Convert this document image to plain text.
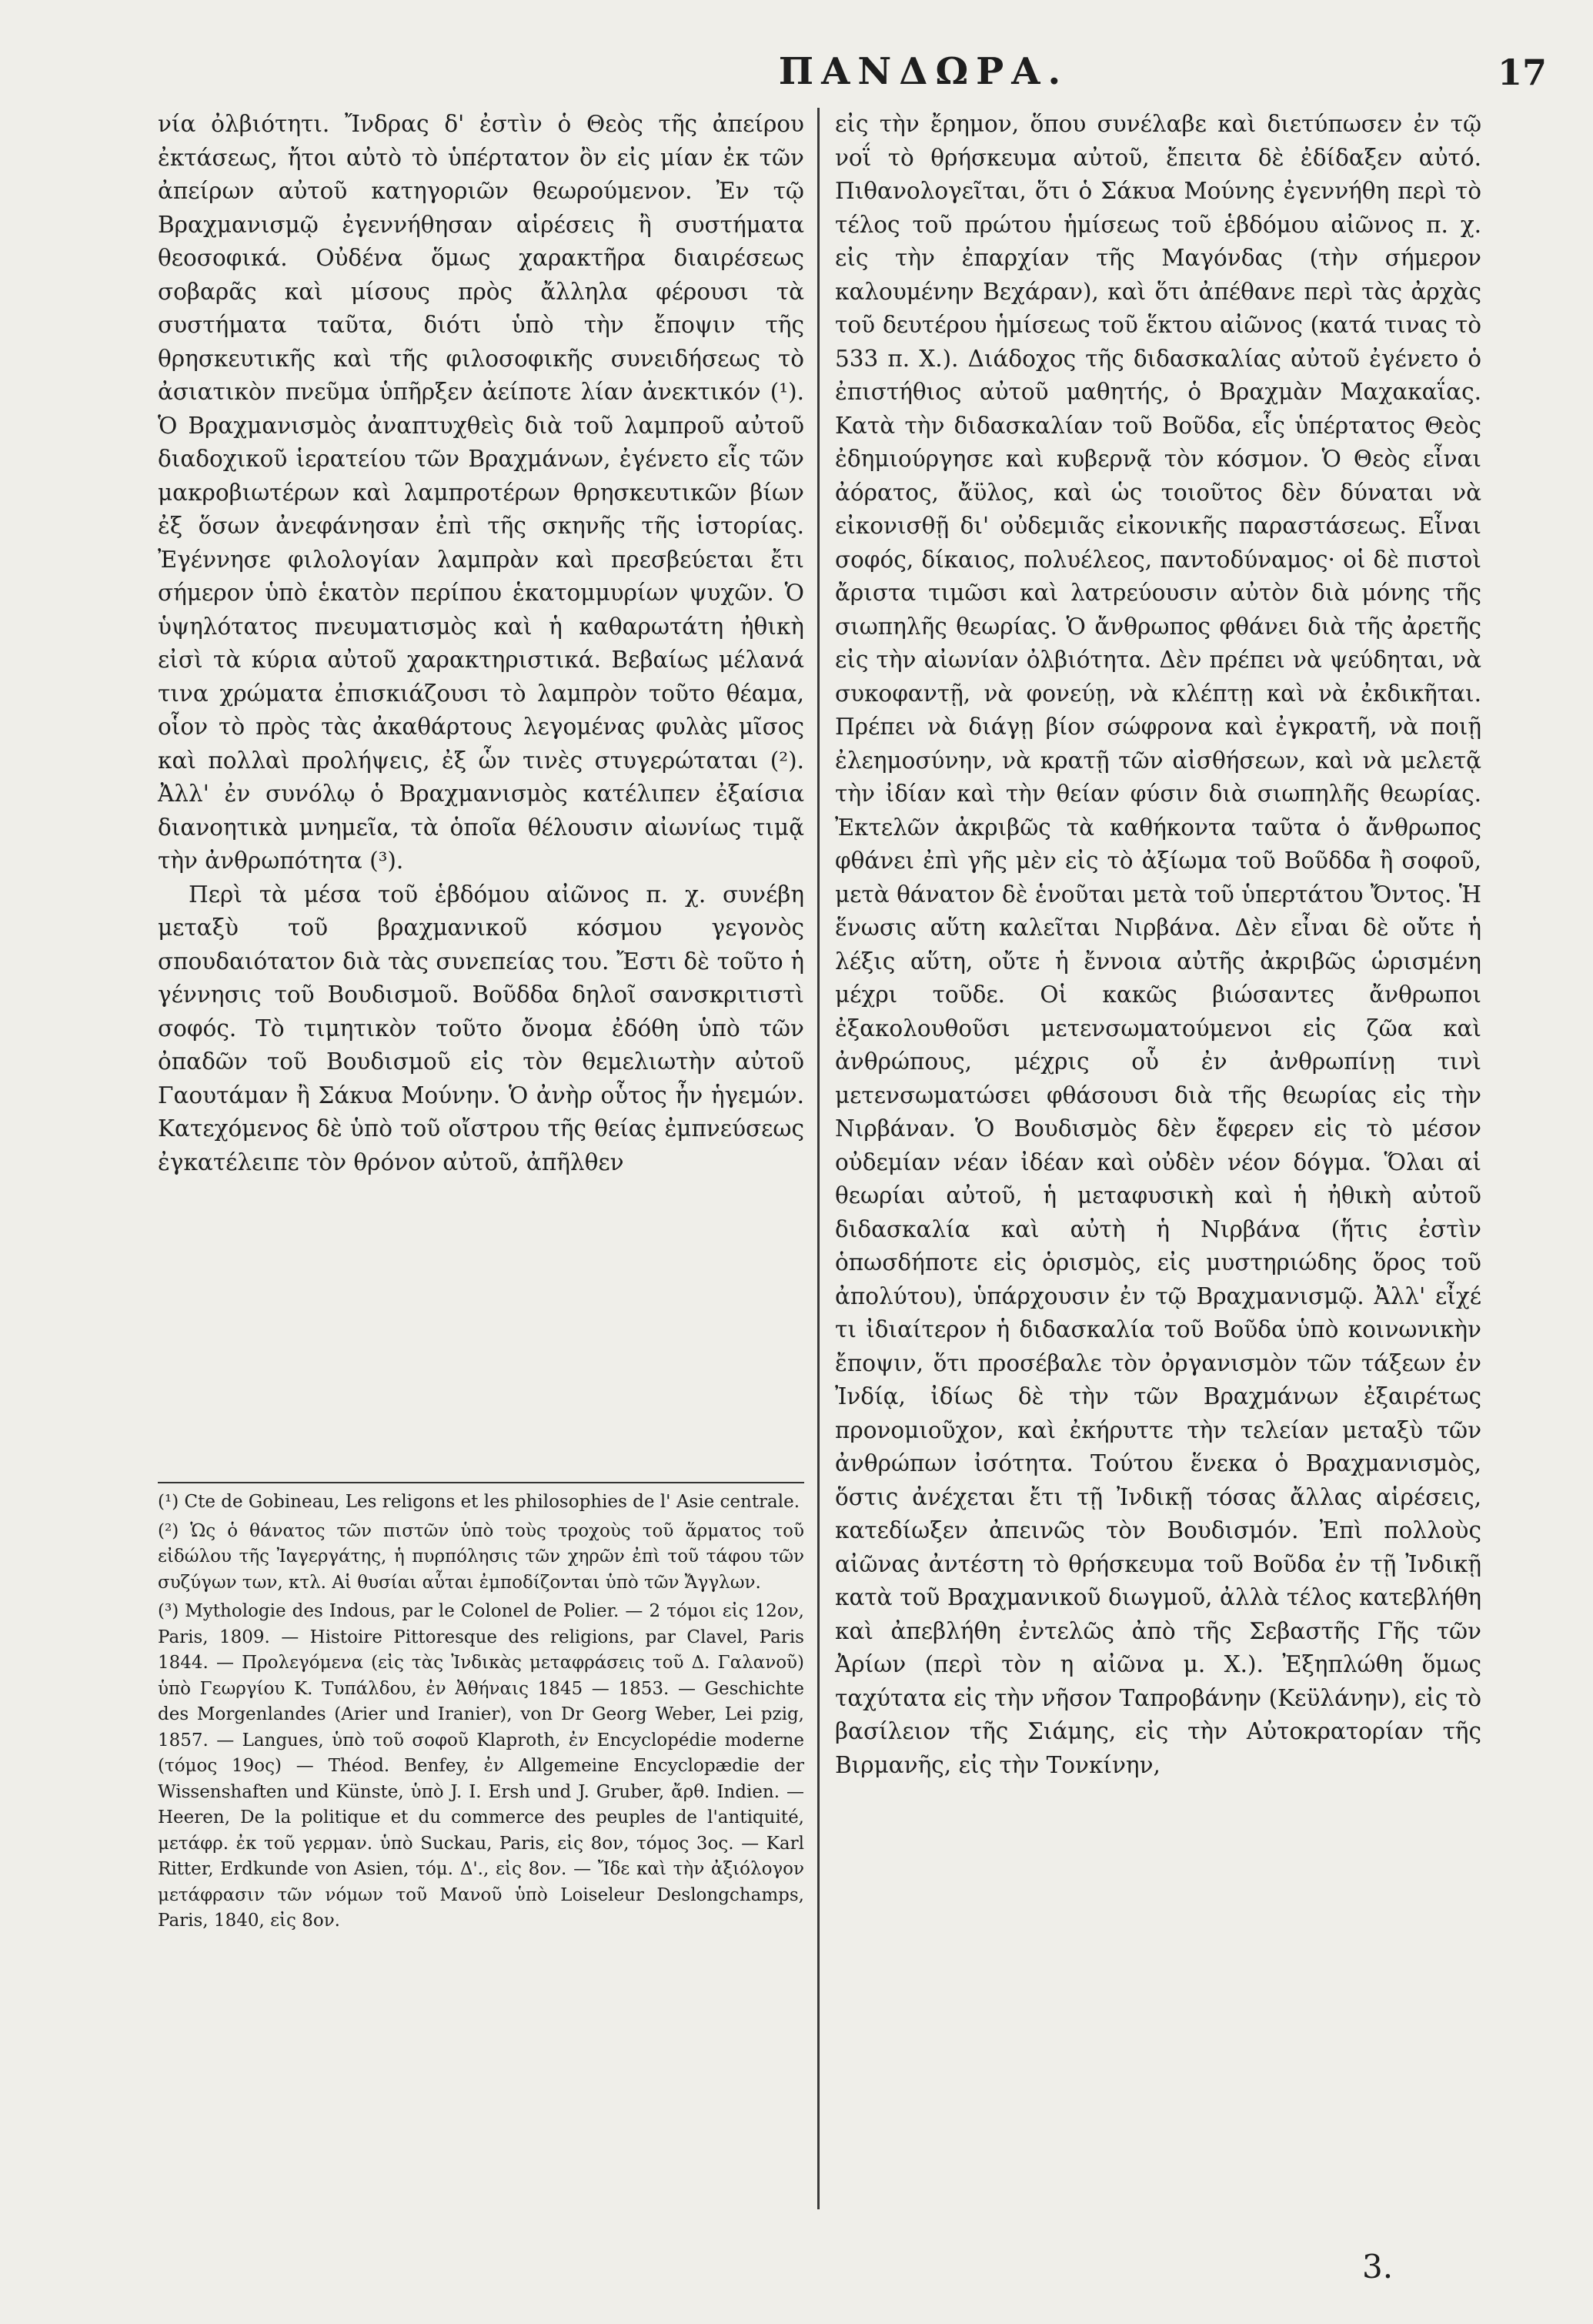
ΠΑΝΔΩΡΑ.	17

νία ὀλβιότητι. Ἴνδρας δ' ἐστὶν ὁ Θεὸς τῆς ἀπείρου ἐκτάσεως, ἤτοι αὐτὸ τὸ ὑπέρτατον ὂν εἰς μίαν ἐκ τῶν ἀπείρων αὐτοῦ κατηγοριῶν θεωρούμενον. Ἐν τῷ Βραχμανισμῷ ἐγεννήθησαν αἱρέσεις ἢ συστήματα θεοσοφικά. Οὐδένα ὅμως χαρακτῆρα διαιρέσεως σοβαρᾶς καὶ μίσους πρὸς ἄλληλα φέρουσι τὰ συστήματα ταῦτα, διότι ὑπὸ τὴν ἔποψιν τῆς θρησκευτικῆς καὶ τῆς φιλοσοφικῆς συνειδήσεως τὸ ἀσιατικὸν πνεῦμα ὑπῆρξεν ἀείποτε λίαν ἀνεκτικόν (¹). Ὁ Βραχμανισμὸς ἀναπτυχθεὶς διὰ τοῦ λαμπροῦ αὐτοῦ διαδοχικοῦ ἱερατείου τῶν Βραχμάνων, ἐγένετο εἷς τῶν μακροβιωτέρων καὶ λαμπροτέρων θρησκευτικῶν βίων ἐξ ὅσων ἀνεφάνησαν ἐπὶ τῆς σκηνῆς τῆς ἱστορίας. Ἐγέννησε φιλολογίαν λαμπρὰν καὶ πρεσβεύεται ἔτι σήμερον ὑπὸ ἑκατὸν περίπου ἑκατομμυρίων ψυχῶν. Ὁ ὑψηλότατος πνευματισμὸς καὶ ἡ καθαρωτάτη ἠθικὴ εἰσὶ τὰ κύρια αὐτοῦ χαρακτηριστικά. Βεβαίως μέλανά τινα χρώματα ἐπισκιάζουσι τὸ λαμπρὸν τοῦτο θέαμα, οἷον τὸ πρὸς τὰς ἀκαθάρτους λεγομένας φυλὰς μῖσος καὶ πολλαὶ προλήψεις, ἐξ ὧν τινὲς στυγερώταται (²). Ἀλλ' ἐν συνόλῳ ὁ Βραχμανισμὸς κατέλιπεν ἐξαίσια διανοητικὰ μνημεῖα, τὰ ὁποῖα θέλουσιν αἰωνίως τιμᾷ τὴν ἀνθρωπότητα (³).

Περὶ τὰ μέσα τοῦ ἑβδόμου αἰῶνος π. χ. συνέβη μεταξὺ τοῦ βραχμανικοῦ κόσμου γεγονὸς σπουδαιότατον διὰ τὰς συνεπείας του. Ἔστι δὲ τοῦτο ἡ γέννησις τοῦ Βουδισμοῦ. Βοῦδδα δηλοῖ σανσκριτιστὶ σοφός. Τὸ τιμητικὸν τοῦτο ὄνομα ἐδόθη ὑπὸ τῶν ὀπαδῶν τοῦ Βουδισμοῦ εἰς τὸν θεμελιωτὴν αὐτοῦ Γαουτάμαν ἢ Σάκυα Μούνην. Ὁ ἀνὴρ οὗτος ἦν ἡγεμών. Κατεχόμενος δὲ ὑπὸ τοῦ οἴστρου τῆς θείας ἐμπνεύσεως ἐγκατέλειπε τὸν θρόνον αὐτοῦ, ἀπῆλθεν

(¹) Cte de Gobineau, Les religons et les philosophies de l' Asie centrale.

(²) Ὡς ὁ θάνατος τῶν πιστῶν ὑπὸ τοὺς τροχοὺς τοῦ ἅρματος τοῦ εἰδώλου τῆς Ἰαγεργάτης, ἡ πυρπόλησις τῶν χηρῶν ἐπὶ τοῦ τάφου τῶν συζύγων των, κτλ. Αἱ θυσίαι αὗται ἐμποδίζονται ὑπὸ τῶν Ἄγγλων.

(³) Mythologie des Indous, par le Colonel de Polier. — 2 τόμοι εἰς 12ον, Paris, 1809. — Histoire Pittoresque des religions, par Clavel, Paris 1844. — Προλεγόμενα (εἰς τὰς Ἰνδικὰς μεταφράσεις τοῦ Δ. Γαλανοῦ) ὑπὸ Γεωργίου Κ. Τυπάλδου, ἐν Ἀθήναις 1845 — 1853. — Geschichte des Morgenlandes (Arier und Iranier), von Dr Georg Weber, Lei pzig, 1857. — Langues, ὑπὸ τοῦ σοφοῦ Klaproth, ἐν Encyclopédie moderne (τόμος 19ος) — Théod. Benfey, ἐν Allgemeine Encyclopædie der Wissenshaften und Künste, ὑπὸ J. I. Ersh und J. Gruber, ἄρθ. Indien. — Heeren, De la politique et du commerce des peuples de l'antiquité, μετάφρ. ἐκ τοῦ γερμαν. ὑπὸ Suckau, Paris, εἰς 8ον, τόμος 3ος. — Karl Ritter, Erdkunde von Asien, τόμ. Δ'., εἰς 8ον. — Ἴδε καὶ τὴν ἀξιόλογον μετάφρασιν τῶν νόμων τοῦ Μανοῦ ὑπὸ Loiseleur Deslongchamps, Paris, 1840, εἰς 8ον.

εἰς τὴν ἔρημον, ὅπου συνέλαβε καὶ διετύπωσεν ἐν τῷ νοΐ τὸ θρήσκευμα αὐτοῦ, ἔπειτα δὲ ἐδίδαξεν αὐτό. Πιθανολογεῖται, ὅτι ὁ Σάκυα Μούνης ἐγεννήθη περὶ τὸ τέλος τοῦ πρώτου ἡμίσεως τοῦ ἑβδόμου αἰῶνος π. χ. εἰς τὴν ἐπαρχίαν τῆς Μαγόνδας (τὴν σήμερον καλουμένην Βεχάραν), καὶ ὅτι ἀπέθανε περὶ τὰς ἀρχὰς τοῦ δευτέρου ἡμίσεως τοῦ ἕκτου αἰῶνος (κατά τινας τὸ 533 π. Χ.). Διάδοχος τῆς διδασκαλίας αὐτοῦ ἐγένετο ὁ ἐπιστήθιος αὐτοῦ μαθητής, ὁ Βραχμὰν Μαχακαΐας. Κατὰ τὴν διδασκαλίαν τοῦ Βοῦδα, εἷς ὑπέρτατος Θεὸς ἐδημιούργησε καὶ κυβερνᾷ τὸν κόσμον. Ὁ Θεὸς εἶναι ἀόρατος, ἄϋλος, καὶ ὡς τοιοῦτος δὲν δύναται νὰ εἰκονισθῇ δι' οὐδεμιᾶς εἰκονικῆς παραστάσεως. Εἶναι σοφός, δίκαιος, πολυέλεος, παντοδύναμος· οἱ δὲ πιστοὶ ἄριστα τιμῶσι καὶ λατρεύουσιν αὐτὸν διὰ μόνης τῆς σιωπηλῆς θεωρίας. Ὁ ἄνθρωπος φθάνει διὰ τῆς ἀρετῆς εἰς τὴν αἰωνίαν ὀλβιότητα. Δὲν πρέπει νὰ ψεύδηται, νὰ συκοφαντῇ, νὰ φονεύῃ, νὰ κλέπτῃ καὶ νὰ ἐκδικῆται. Πρέπει νὰ διάγῃ βίον σώφρονα καὶ ἐγκρατῆ, νὰ ποιῇ ἐλεημοσύνην, νὰ κρατῇ τῶν αἰσθήσεων, καὶ νὰ μελετᾷ τὴν ἰδίαν καὶ τὴν θείαν φύσιν διὰ σιωπηλῆς θεωρίας. Ἐκτελῶν ἀκριβῶς τὰ καθήκοντα ταῦτα ὁ ἄνθρωπος φθάνει ἐπὶ γῆς μὲν εἰς τὸ ἀξίωμα τοῦ Βοῦδδα ἢ σοφοῦ, μετὰ θάνατον δὲ ἑνοῦται μετὰ τοῦ ὑπερτάτου Ὄντος. Ἡ ἕνωσις αὕτη καλεῖται Νιρβάνα. Δὲν εἶναι δὲ οὔτε ἡ λέξις αὕτη, οὔτε ἡ ἔννοια αὐτῆς ἀκριβῶς ὡρισμένη μέχρι τοῦδε. Οἱ κακῶς βιώσαντες ἄνθρωποι ἐξακολουθοῦσι μετενσωματούμενοι εἰς ζῶα καὶ ἀνθρώπους, μέχρις οὗ ἐν ἀνθρωπίνῃ τινὶ μετενσωματώσει φθάσουσι διὰ τῆς θεωρίας εἰς τὴν Νιρβάναν. Ὁ Βουδισμὸς δὲν ἔφερεν εἰς τὸ μέσον οὐδεμίαν νέαν ἰδέαν καὶ οὐδὲν νέον δόγμα. Ὅλαι αἱ θεωρίαι αὐτοῦ, ἡ μεταφυσικὴ καὶ ἡ ἠθικὴ αὐτοῦ διδασκαλία καὶ αὐτὴ ἡ Νιρβάνα (ἥτις ἐστὶν ὁπωσδήποτε εἰς ὁρισμὸς, εἰς μυστηριώδης ὅρος τοῦ ἀπολύτου), ὑπάρχουσιν ἐν τῷ Βραχμανισμῷ. Ἀλλ' εἶχέ τι ἰδιαίτερον ἡ διδασκαλία τοῦ Βοῦδα ὑπὸ κοινωνικὴν ἔποψιν, ὅτι προσέβαλε τὸν ὀργανισμὸν τῶν τάξεων ἐν Ἰνδίᾳ, ἰδίως δὲ τὴν τῶν Βραχμάνων ἐξαιρέτως προνομιοῦχον, καὶ ἐκήρυττε τὴν τελείαν μεταξὺ τῶν ἀνθρώπων ἰσότητα. Τούτου ἕνεκα ὁ Βραχμανισμὸς, ὅστις ἀνέχεται ἔτι τῇ Ἰνδικῇ τόσας ἄλλας αἱρέσεις, κατεδίωξεν ἀπεινῶς τὸν Βουδισμόν. Ἐπὶ πολλοὺς αἰῶνας ἀντέστη τὸ θρήσκευμα τοῦ Βοῦδα ἐν τῇ Ἰνδικῇ κατὰ τοῦ Βραχμανικοῦ διωγμοῦ, ἀλλὰ τέλος κατεβλήθη καὶ ἀπεβλήθη ἐντελῶς ἀπὸ τῆς Σεβαστῆς Γῆς τῶν Ἀρίων (περὶ τὸν η αἰῶνα μ. Χ.). Ἐξηπλώθη ὅμως ταχύτατα εἰς τὴν νῆσον Ταπροβάνην (Κεϋλάνην), εἰς τὸ βασίλειον τῆς Σιάμης, εἰς τὴν Αὐτοκρατορίαν τῆς Βιρμανῆς, εἰς τὴν Τονκίνην,

3.
